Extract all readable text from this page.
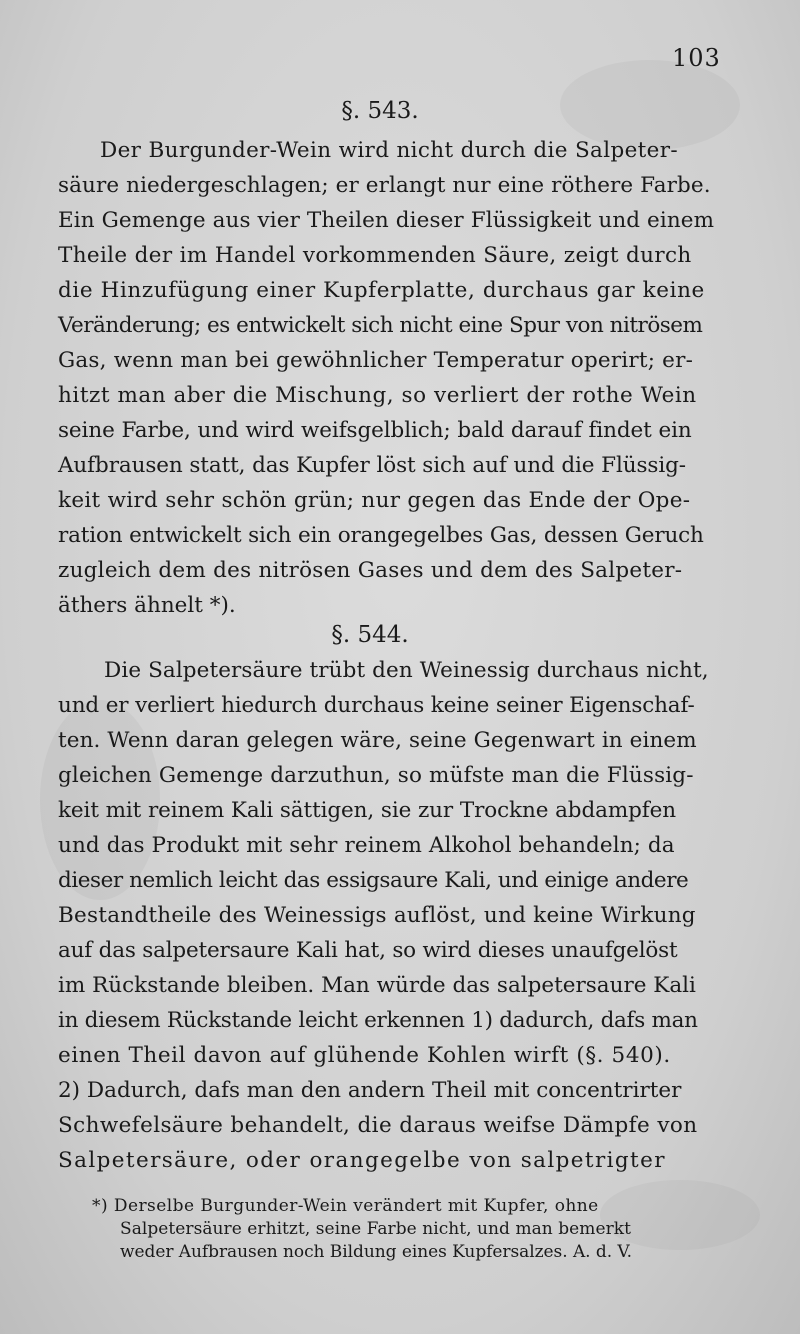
103
§. 543.
Der Burgunder-Wein wird nicht durch die Salpeter-
säure niedergeschlagen; er erlangt nur eine röthere Farbe.
Ein Gemenge aus vier Theilen dieser Flüssigkeit und einem
Theile der im Handel vorkommenden Säure, zeigt durch
die Hinzufügung einer Kupferplatte, durchaus gar keine
Veränderung; es entwickelt sich nicht eine Spur von nitrösem
Gas, wenn man bei gewöhnlicher Temperatur operirt; er-
hitzt man aber die Mischung, so verliert der rothe Wein
seine Farbe, und wird weifsgelblich; bald darauf findet ein
Aufbrausen statt, das Kupfer löst sich auf und die Flüssig-
keit wird sehr schön grün; nur gegen das Ende der Ope-
ration entwickelt sich ein orangegelbes Gas, dessen Geruch
zugleich dem des nitrösen Gases und dem des Salpeter-
äthers ähnelt *).
§. 544.
Die Salpetersäure trübt den Weinessig durchaus nicht,
und er verliert hiedurch durchaus keine seiner Eigenschaf-
ten. Wenn daran gelegen wäre, seine Gegenwart in einem
gleichen Gemenge darzuthun, so müfste man die Flüssig-
keit mit reinem Kali sättigen, sie zur Trockne abdampfen
und das Produkt mit sehr reinem Alkohol behandeln; da
dieser nemlich leicht das essigsaure Kali, und einige andere
Bestandtheile des Weinessigs auflöst, und keine Wirkung
auf das salpetersaure Kali hat, so wird dieses unaufgelöst
im Rückstande bleiben. Man würde das salpetersaure Kali
in diesem Rückstande leicht erkennen 1) dadurch, dafs man
einen Theil davon auf glühende Kohlen wirft (§. 540).
2) Dadurch, dafs man den andern Theil mit concentrirter
Schwefelsäure behandelt, die daraus weifse Dämpfe von
Salpetersäure, oder orangegelbe von salpetrigter
*) Derselbe Burgunder-Wein verändert mit Kupfer, ohne
Salpetersäure erhitzt, seine Farbe nicht, und man bemerkt
weder Aufbrausen noch Bildung eines Kupfersalzes. A. d. V.
